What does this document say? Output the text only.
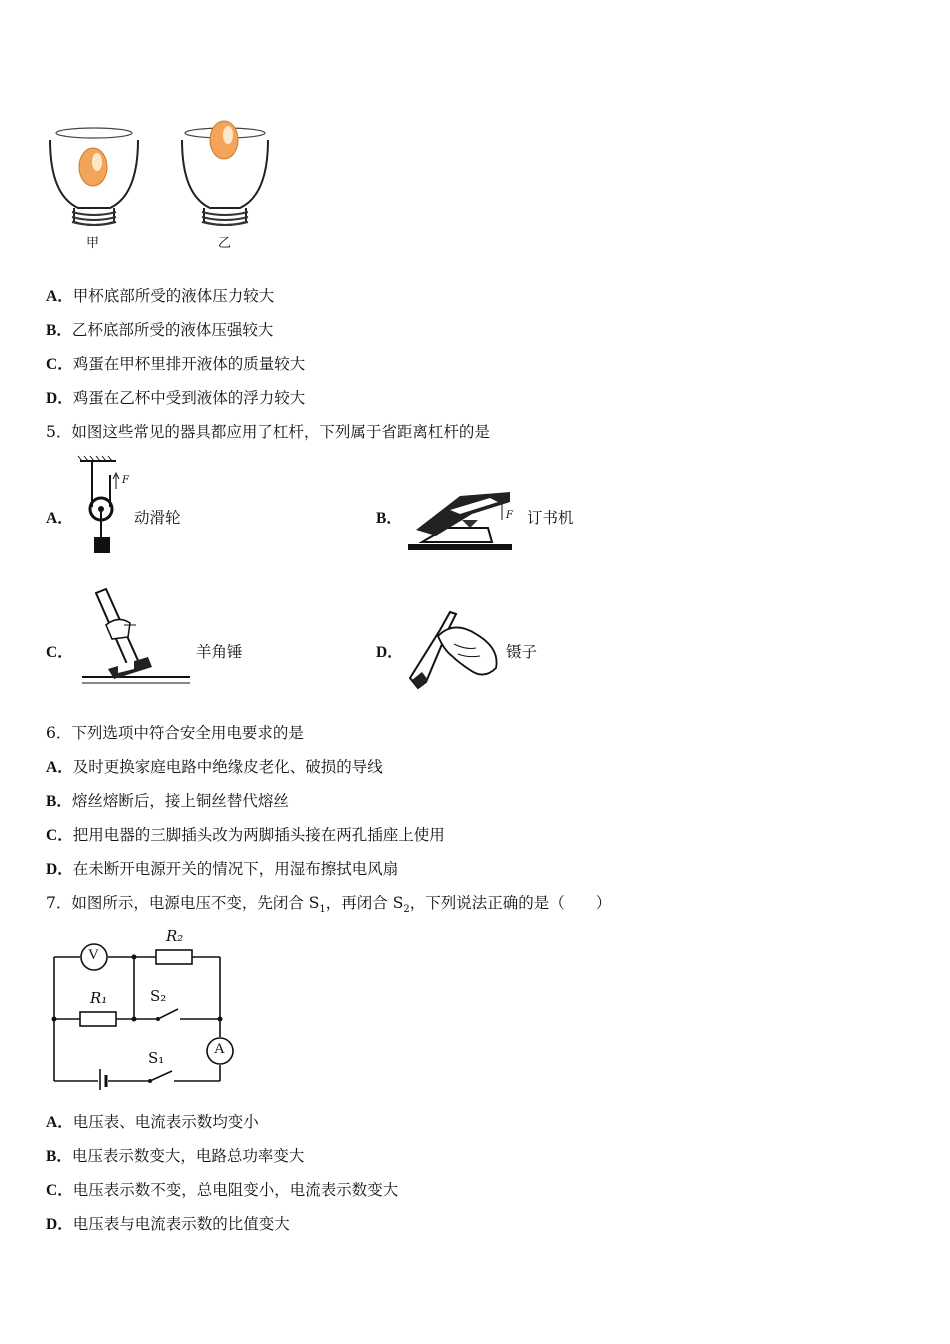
甲	乙
A．甲杯底部所受的液体压力较大
B．乙杯底部所受的液体压强较大
C．鸡蛋在甲杯里排开液体的质量较大
D．鸡蛋在乙杯中受到液体的浮力较大
5．如图这些常见的器具都应用了杠杆，下列属于省距离杠杆的是
A．
F
动滑轮	B．	F 订书机
C．	羊角锤	D．	镊子
6．下列选项中符合安全用电要求的是
A．及时更换家庭电路中绝缘皮老化、破损的导线
B．熔丝熔断后，接上铜丝替代熔丝
C．把用电器的三脚插头改为两脚插头接在两孔插座上使用
D．在未断开电源开关的情况下，用湿布擦拭电风扇
7．如图所示，电源电压不变，先闭合 $S_1$，再闭合 $S_2$，下列说法正确的是（　　）
V
A
R₂
R₁	S₂
S₁
A．电压表、电流表示数均变小
B．电压表示数变大，电路总功率变大
C．电压表示数不变，总电阻变小，电流表示数变大
D．电压表与电流表示数的比值变大
